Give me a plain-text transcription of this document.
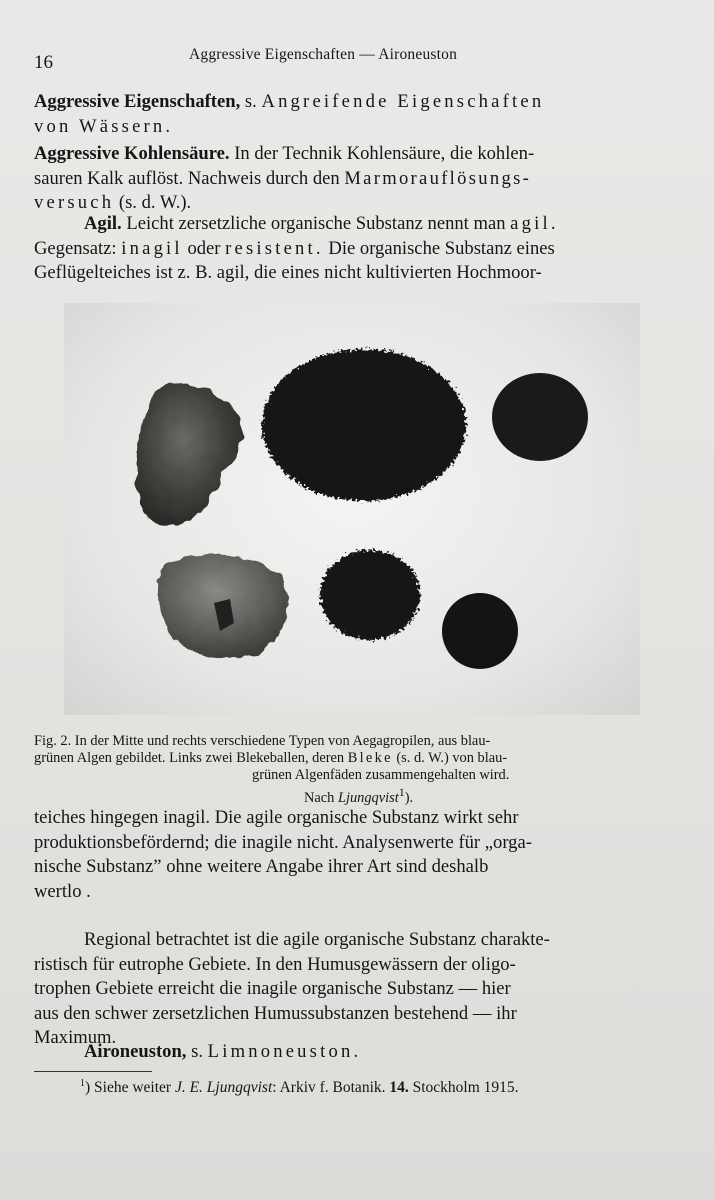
16	Aggressive Eigenschaften — Aironeuston
Aggressive Eigenschaften, s. Angreifende Eigenschaften
von Wässern.
Aggressive Kohlensäure. In der Technik Kohlensäure, die kohlen-
sauren Kalk auflöst. Nachweis durch den Marmorauflösungs-
versuch (s. d. W.).
Agil. Leicht zersetzliche organische Substanz nennt man agil.
Gegensatz: inagil oder resistent. Die organische Substanz eines
Geflügelteiches ist z. B. agil, die eines nicht kultivierten Hochmoor-
Fig. 2. In der Mitte und rechts verschiedene Typen von Aegagropilen, aus blau-
grünen Algen gebildet. Links zwei Blekeballen, deren Bleke (s. d. W.) von blau-
grünen Algenfäden zusammengehalten wird.
Nach Ljungqvist$^1$).
teiches hingegen inagil. Die agile organische Substanz wirkt sehr
produktionsbefördernd; die inagile nicht. Analysenwerte für „orga-
nische Substanz” ohne weitere Angabe ihrer Art sind deshalb
wertlo .
Regional betrachtet ist die agile organische Substanz charakte-
ristisch für eutrophe Gebiete. In den Humusgewässern der oligo-
trophen Gebiete erreicht die inagile organische Substanz — hier
aus den schwer zersetzlichen Humussubstanzen bestehend — ihr
Maximum.
Aironeuston, s. Limnoneuston.
$^1$) Siehe weiter J. E. Ljungqvist: Arkiv f. Botanik. 14. Stockholm 1915.
